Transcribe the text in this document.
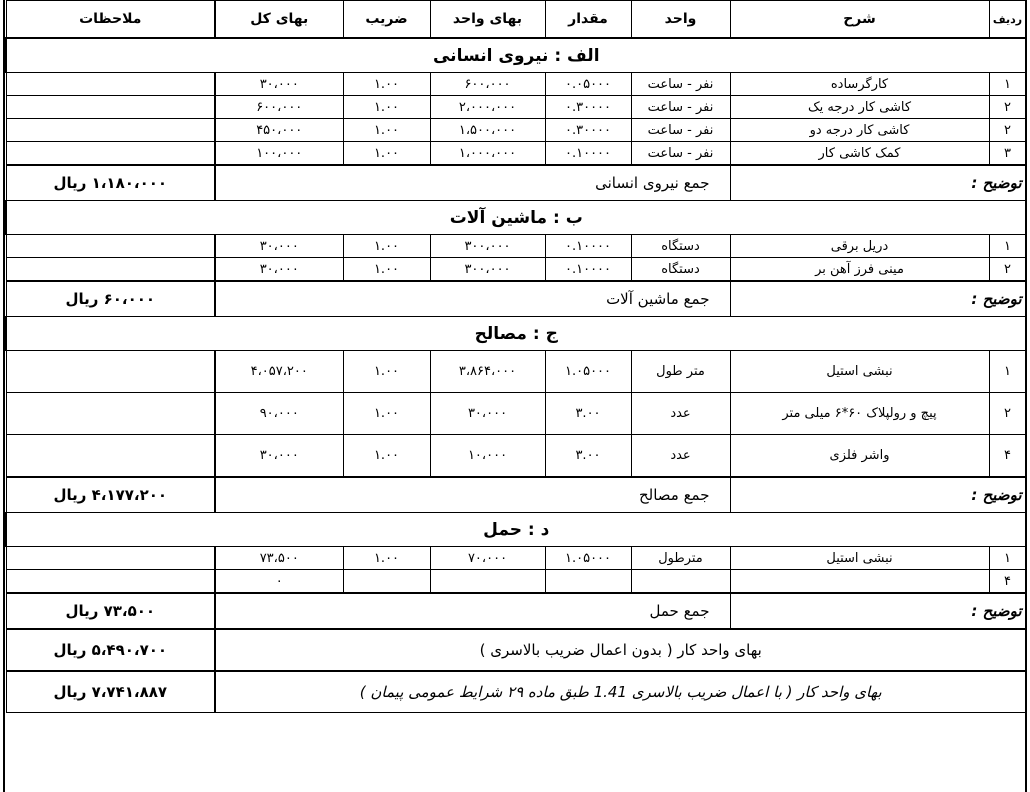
ردیف	شرح	واحد	مقدار	بهای واحد	ضریب	بهای کل	ملاحظات
الف : نیروی انسانی							
۱	کارگرساده	نفر - ساعت	۰.۰۵۰۰۰	۶۰۰،۰۰۰	۱.۰۰	۳۰،۰۰۰	
۲	کاشی کار درجه یک	نفر - ساعت	۰.۳۰۰۰۰	۲،۰۰۰،۰۰۰	۱.۰۰	۶۰۰،۰۰۰	
۲	کاشی کار درجه دو	نفر - ساعت	۰.۳۰۰۰۰	۱،۵۰۰،۰۰۰	۱.۰۰	۴۵۰،۰۰۰	
۳	کمک کاشی کار	نفر - ساعت	۰.۱۰۰۰۰	۱،۰۰۰،۰۰۰	۱.۰۰	۱۰۰،۰۰۰	
توضیح :		جمع نیروی انسانی					۱،۱۸۰،۰۰۰ ریال
ب : ماشین آلات							
۱	دریل برقی	دستگاه	۰.۱۰۰۰۰	۳۰۰،۰۰۰	۱.۰۰	۳۰،۰۰۰	
۲	مینی فرز آهن بر	دستگاه	۰.۱۰۰۰۰	۳۰۰،۰۰۰	۱.۰۰	۳۰،۰۰۰	
توضیح :		جمع ماشین آلات					۶۰،۰۰۰ ریال
ج : مصالح							
۱	نبشی استیل	متر طول	۱.۰۵۰۰۰	۳،۸۶۴،۰۰۰	۱.۰۰	۴،۰۵۷،۲۰۰	
۲	پیچ و رولپلاک ۶۰*۶ میلی متر	عدد	۳.۰۰	۳۰،۰۰۰	۱.۰۰	۹۰،۰۰۰	
۴	واشر فلزی	عدد	۳.۰۰	۱۰،۰۰۰	۱.۰۰	۳۰،۰۰۰	
توضیح :		جمع مصالح					۴،۱۷۷،۲۰۰ ریال
د : حمل							
۱	نبشی استیل	مترطول	۱.۰۵۰۰۰	۷۰،۰۰۰	۱.۰۰	۷۳،۵۰۰	
۴						۰	
توضیح :		جمع حمل					۷۳،۵۰۰ ریال
بهای واحد کار ( بدون اعمال ضریب بالاسری )							۵،۴۹۰،۷۰۰ ریال
بهای واحد کار ( با اعمال ضریب بالاسری 1.41 طبق ماده ۲۹ شرایط عمومی پیمان )							۷،۷۴۱،۸۸۷ ریال
